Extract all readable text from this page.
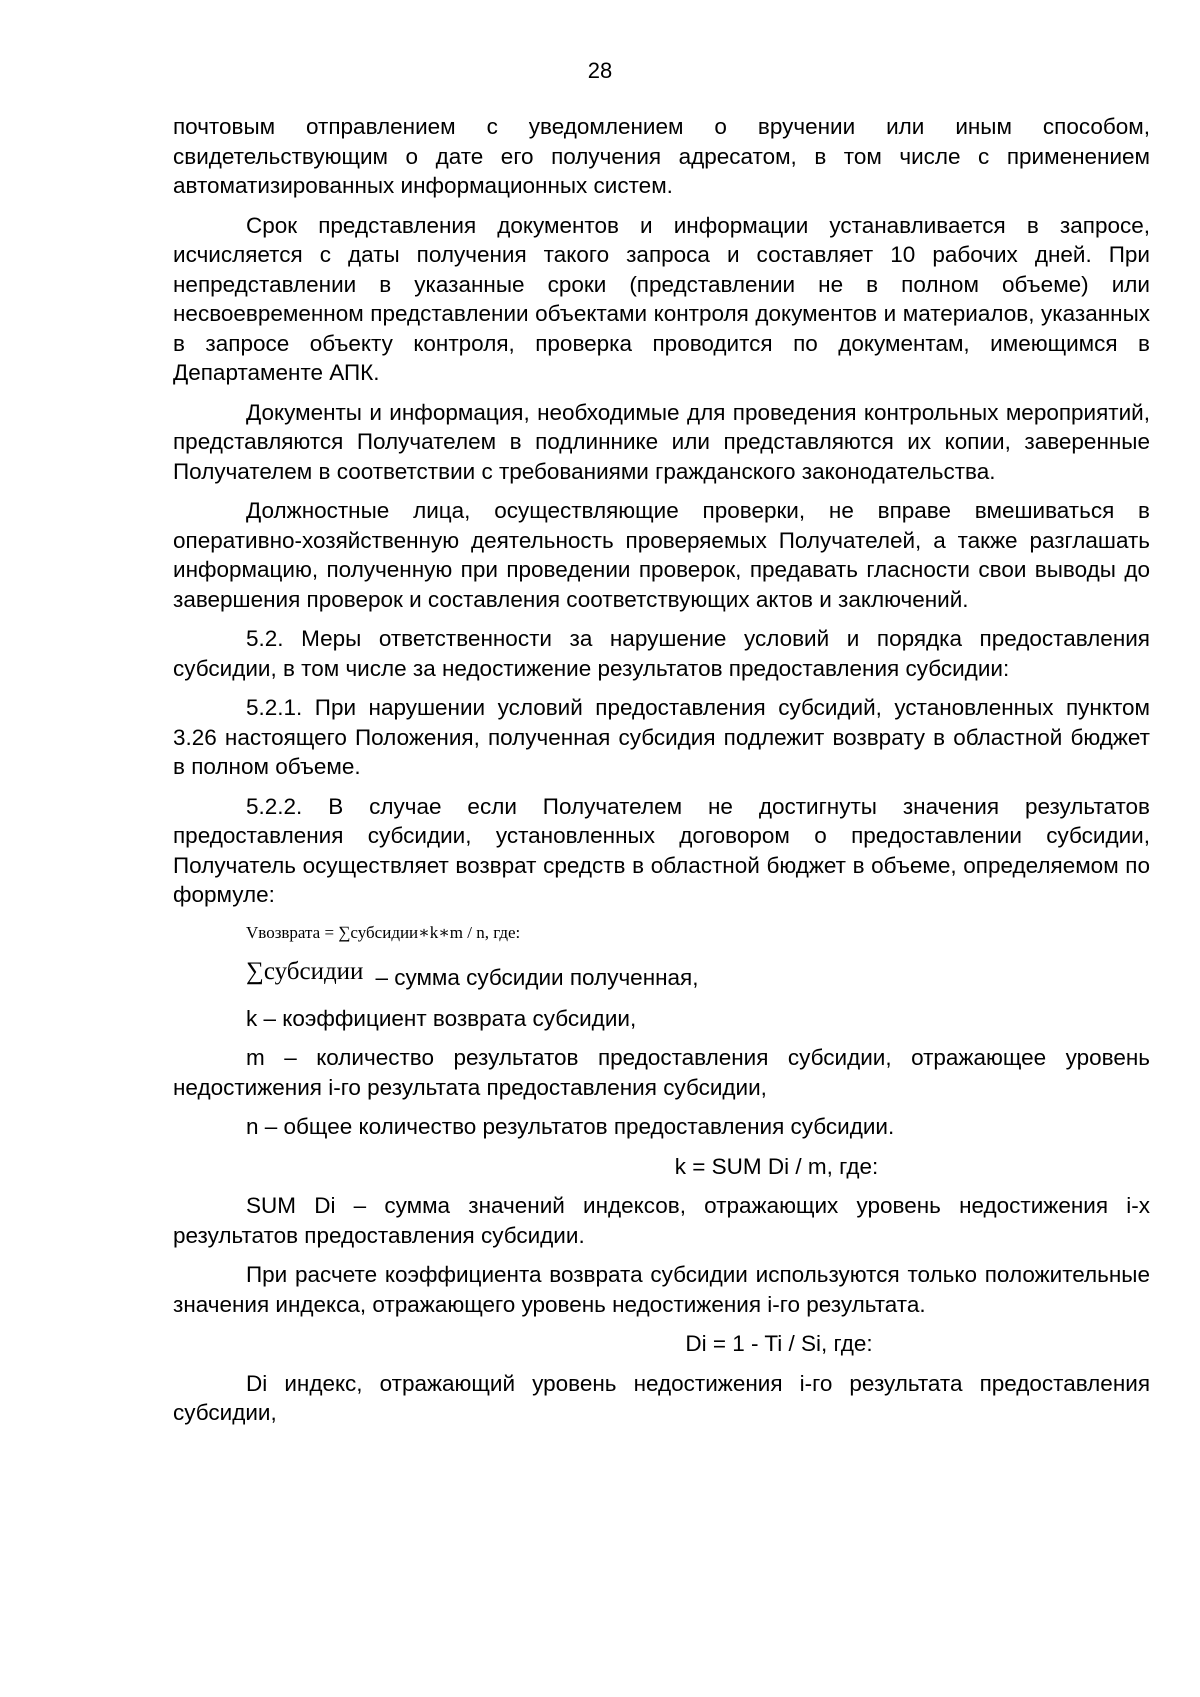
28

почтовым отправлением с уведомлением о вручении или иным способом, свидетельствующим о дате его получения адресатом, в том числе с применением автоматизированных информационных систем.

Срок представления документов и информации устанавливается в запросе, исчисляется с даты получения такого запроса и составляет 10 рабочих дней. При непредставлении в указанные сроки (представлении не в полном объеме) или несвоевременном представлении объектами контроля документов и материалов, указанных в запросе объекту контроля, проверка проводится по документам, имеющимся в Департаменте АПК.

Документы и информация, необходимые для проведения контрольных мероприятий, представляются Получателем в подлиннике или представляются их копии, заверенные Получателем в соответствии с требованиями гражданского законодательства.

Должностные лица, осуществляющие проверки, не вправе вмешиваться в оперативно-хозяйственную деятельность проверяемых Получателей, а также разглашать информацию, полученную при проведении проверок, предавать гласности свои выводы до завершения проверок и составления соответствующих актов и заключений.

5.2. Меры ответственности за нарушение условий и порядка предоставления субсидии, в том числе за недостижение результатов предоставления субсидии:

5.2.1. При нарушении условий предоставления субсидий, установленных пунктом 3.26 настоящего Положения, полученная субсидия подлежит возврату в областной бюджет в полном объеме.

5.2.2. В случае если Получателем не достигнуты значения результатов предоставления субсидии, установленных договором о предоставлении субсидии, Получатель осуществляет возврат средств в областной бюджет в объеме, определяемом по формуле:

Vвозврата = ∑субсидии∗k∗m / n, где:
∑субсидии – сумма субсидии полученная,

k – коэффициент возврата субсидии,

m – количество результатов предоставления субсидии, отражающее уровень недостижения i-го результата предоставления субсидии,

n – общее количество результатов предоставления субсидии.

k = SUM Di / m, где:

SUM Di – сумма значений индексов, отражающих уровень недостижения i-х результатов предоставления субсидии.

При расчете коэффициента возврата субсидии используются только положительные значения индекса, отражающего уровень недостижения i-го результата.

Di = 1 - Ti / Si, где:

Di индекс, отражающий уровень недостижения i-го результата предоставления субсидии,
